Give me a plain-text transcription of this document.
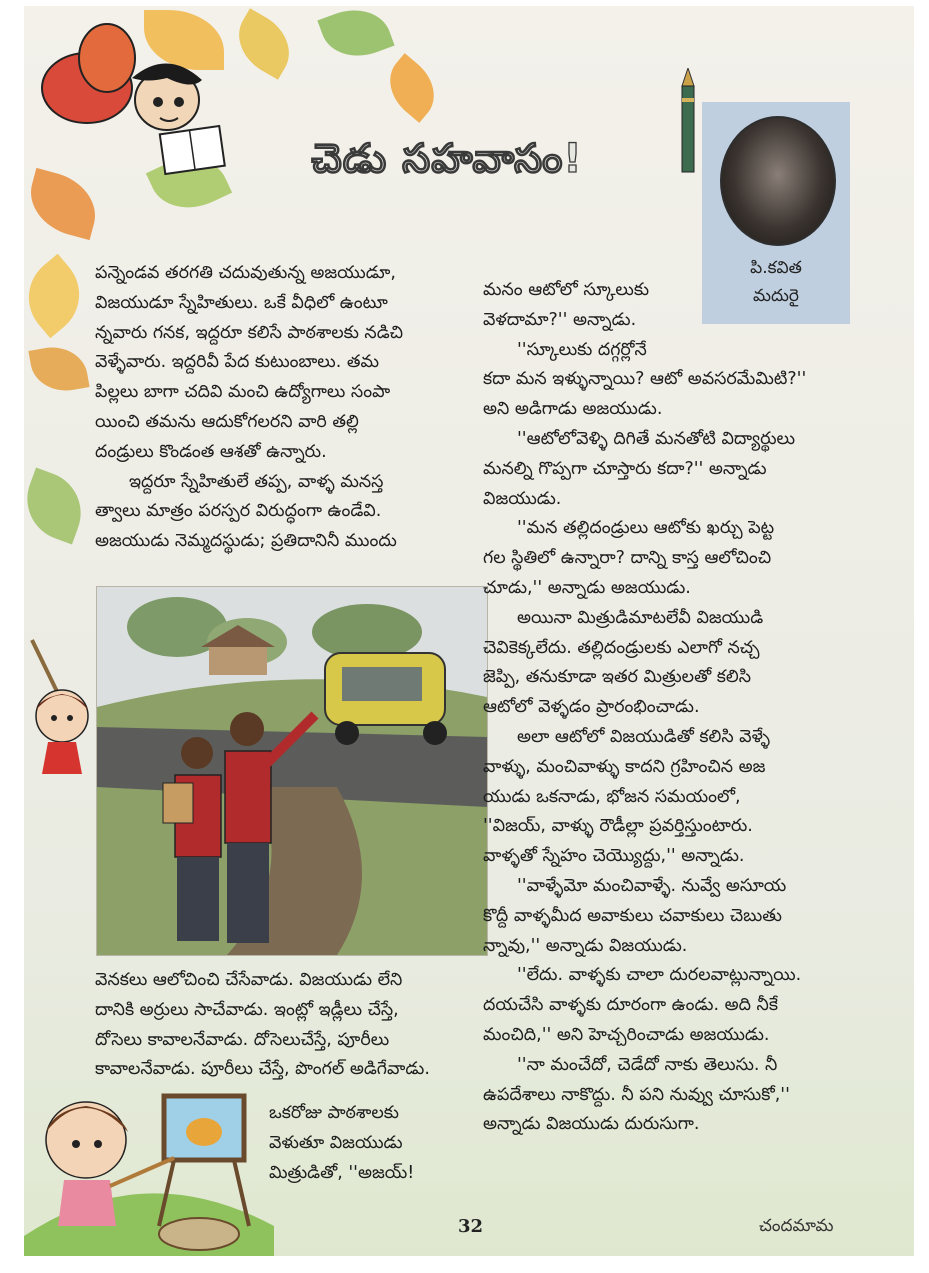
చెడు సహవాసం!
పి.కవిత
మదురై

పన్నెండవ తరగతి చదువుతున్న అజయుడూ,

విజయుడూ స్నేహితులు. ఒకే వీధిలో ఉంటూ

న్నవారు గనక, ఇద్దరూ కలిసే పాఠశాలకు నడిచి

వెళ్ళేవారు. ఇద్దరివీ పేద కుటుంబాలు. తమ

పిల్లలు బాగా చదివి మంచి ఉద్యోగాలు సంపా

యించి తమను ఆదుకోగలరని వారి తల్లి

దండ్రులు కొండంత ఆశతో ఉన్నారు.

ఇద్దరూ స్నేహితులే తప్ప, వాళ్ళ మనస్త

త్వాలు మాత్రం పరస్పర విరుద్ధంగా ఉండేవి.

అజయుడు నెమ్మదస్థుడు; ప్రతిదానినీ ముందు

వెనకలు ఆలోచించి చేసేవాడు. విజయుడు లేని

దానికి అర్రులు సాచేవాడు. ఇంట్లో ఇడ్లీలు చేస్తే,

దోసెలు కావాలనేవాడు. దోసెలుచేస్తే, పూరీలు

కావాలనేవాడు. పూరీలు చేస్తే, పొంగల్ అడిగేవాడు.

ఒకరోజు పాఠశాలకు

వెళుతూ విజయుడు

మిత్రుడితో, ''అజయ్!

మనం ఆటోలో స్కూలుకు

వెళదామా?'' అన్నాడు.

''స్కూలుకు దగ్గర్లోనే

కదా మన ఇళ్ళున్నాయి? ఆటో అవసరమేమిటి?''

అని అడిగాడు అజయుడు.

''ఆటోలోవెళ్ళి దిగితే మనతోటి విద్యార్థులు

మనల్ని గొప్పగా చూస్తారు కదా?'' అన్నాడు

విజయుడు.

''మన తల్లిదండ్రులు ఆటోకు ఖర్చు పెట్ట

గల స్థితిలో ఉన్నారా? దాన్ని కాస్త ఆలోచించి

చూడు,'' అన్నాడు అజయుడు.

అయినా మిత్రుడిమాటలేవీ విజయుడి

చెవికెక్కలేదు. తల్లిదండ్రులకు ఎలాగో నచ్చ

జెప్పి, తనుకూడా ఇతర మిత్రులతో కలిసి

ఆటోలో వెళ్ళడం ప్రారంభించాడు.

అలా ఆటోలో విజయుడితో కలిసి వెళ్ళే

వాళ్ళు, మంచివాళ్ళు కాదని గ్రహించిన అజ

యుడు ఒకనాడు, భోజన సమయంలో,

''విజయ్, వాళ్ళు రౌడీల్లా ప్రవర్తిస్తుంటారు.

వాళ్ళతో స్నేహం చెయ్యొద్దు,'' అన్నాడు.

''వాళ్ళేమో మంచివాళ్ళే. నువ్వే అసూయ

కొద్దీ వాళ్ళమీద అవాకులు చవాకులు చెబుతు

న్నావు,'' అన్నాడు విజయుడు.

''లేదు. వాళ్ళకు చాలా దురలవాట్లున్నాయి.

దయచేసి వాళ్ళకు దూరంగా ఉండు. అది నీకే

మంచిది,'' అని హెచ్చరించాడు అజయుడు.

''నా మంచేదో, చెడేదో నాకు తెలుసు. నీ

ఉపదేశాలు నాకొద్దు. నీ పని నువ్వు చూసుకో,''

అన్నాడు విజయుడు దురుసుగా.

32	చందమామ
